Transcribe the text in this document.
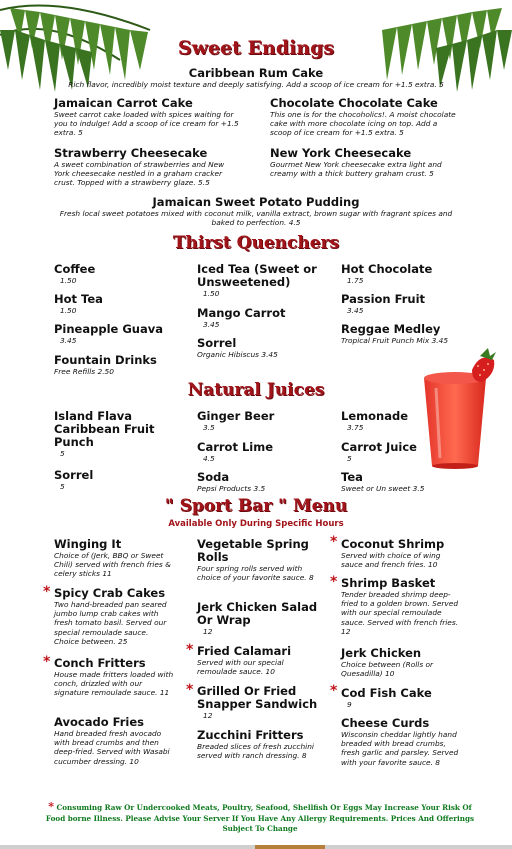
Sweet Endings
Caribbean Rum Cake
Rich flavor, incredibly moist texture and deeply satisfying. Add a scoop of ice cream for +1.5 extra. 5
Jamaican Carrot Cake
Sweet carrot cake loaded with spices waiting for you to indulge! Add a scoop of ice cream for +1.5 extra. 5
Chocolate Chocolate Cake
This one is for the chocoholics!. A moist chocolate cake with more chocolate icing on top. Add a scoop of ice cream for +1.5 extra. 5
Strawberry Cheesecake
A sweet combination of strawberries and New York cheesecake nestled in a graham cracker crust. Topped with a strawberry glaze. 5.5
New York Cheesecake
Gourmet New York cheesecake extra light and creamy with a thick buttery graham crust. 5
Jamaican Sweet Potato Pudding
Fresh local sweet potatoes mixed with coconut milk, vanilla extract, brown sugar with fragrant spices and baked to perfection. 4.5
Thirst Quenchers
Coffee
1.50
Hot Tea
1.50
Pineapple Guava
3.45
Fountain Drinks
Free Refills 2.50
Iced Tea (Sweet or Unsweetened)
1.50
Mango Carrot
3.45
Sorrel
Organic Hibiscus 3.45
Hot Chocolate
1.75
Passion Fruit
3.45
Reggae Medley
Tropical Fruit Punch Mix 3.45
Natural Juices
Island Flava Caribbean Fruit Punch
5
Sorrel
5
Ginger Beer
3.5
Carrot Lime
4.5
Soda
Pepsi Products 3.5
Lemonade
3.75
Carrot Juice
5
Tea
Sweet or Un sweet 3.5
" Sport Bar " Menu
Available Only During Specific Hours
Winging It
Choice of (Jerk, BBQ or Sweet Chili) served with french fries & celery sticks 11
* Spicy Crab Cakes
Two hand-breaded pan seared jumbo lump crab cakes with fresh tomato basil. Served our special remoulade sauce. Choice between. 25
* Conch Fritters
House made fritters loaded with conch, drizzled with our signature remoulade sauce. 11
Avocado Fries
Hand breaded fresh avocado with bread crumbs and then deep-fried. Served with Wasabi cucumber dressing. 10
Vegetable Spring Rolls
Four spring rolls served with choice of your favorite sauce. 8
Jerk Chicken Salad Or Wrap
12
* Fried Calamari
Served with our special remoulade sauce. 10
* Grilled Or Fried Snapper Sandwich
12
Zucchini Fritters
Breaded slices of fresh zucchini served with ranch dressing. 8
* Coconut Shrimp
Served with choice of wing sauce and french fries. 10
* Shrimp Basket
Tender breaded shrimp deep-fried to a golden brown. Served with our special remoulade sauce. Served with french fries. 12
Jerk Chicken
Choice between (Rolls or Quesadilla) 10
* Cod Fish Cake
9
Cheese Curds
Wisconsin cheddar lightly hand breaded with bread crumbs, fresh garlic and parsley. Served with your favorite sauce. 8
* Consuming Raw Or Undercooked Meats, Poultry, Seafood, Shellfish Or Eggs May Increase Your Risk Of Food borne Illness. Please Advise Your Server If You Have Any Allergy Requirements. Prices And Offerings Subject To Change
